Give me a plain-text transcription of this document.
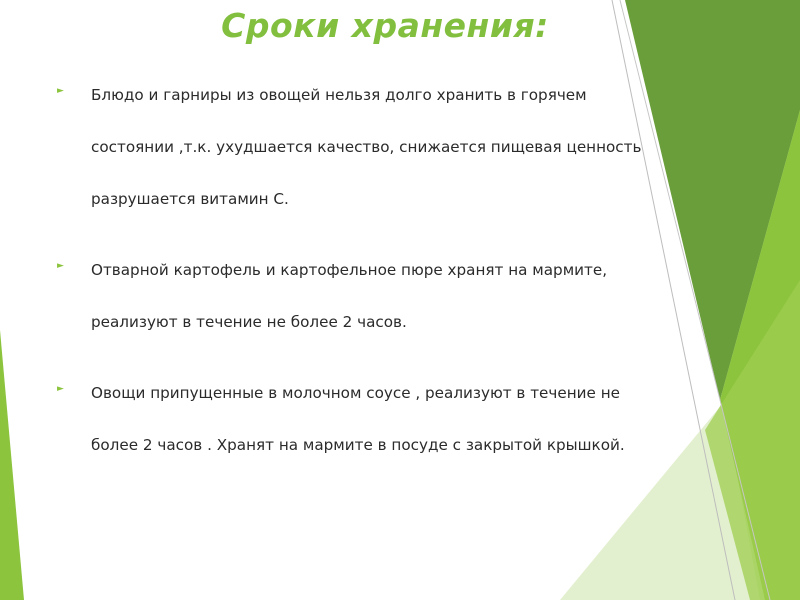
Сроки хранения:
► Блюдо и гарниры из овощей нельзя долго хранить в горячем состоянии ,т.к. ухудшается качество, снижается пищевая ценность разрушается витамин С.
► Отварной картофель и картофельное пюре хранят на мармите, реализуют в течение не более 2 часов.
► Овощи припущенные в молочном соусе , реализуют в течение не более 2 часов . Хранят на мармите в посуде с закрытой крышкой.
